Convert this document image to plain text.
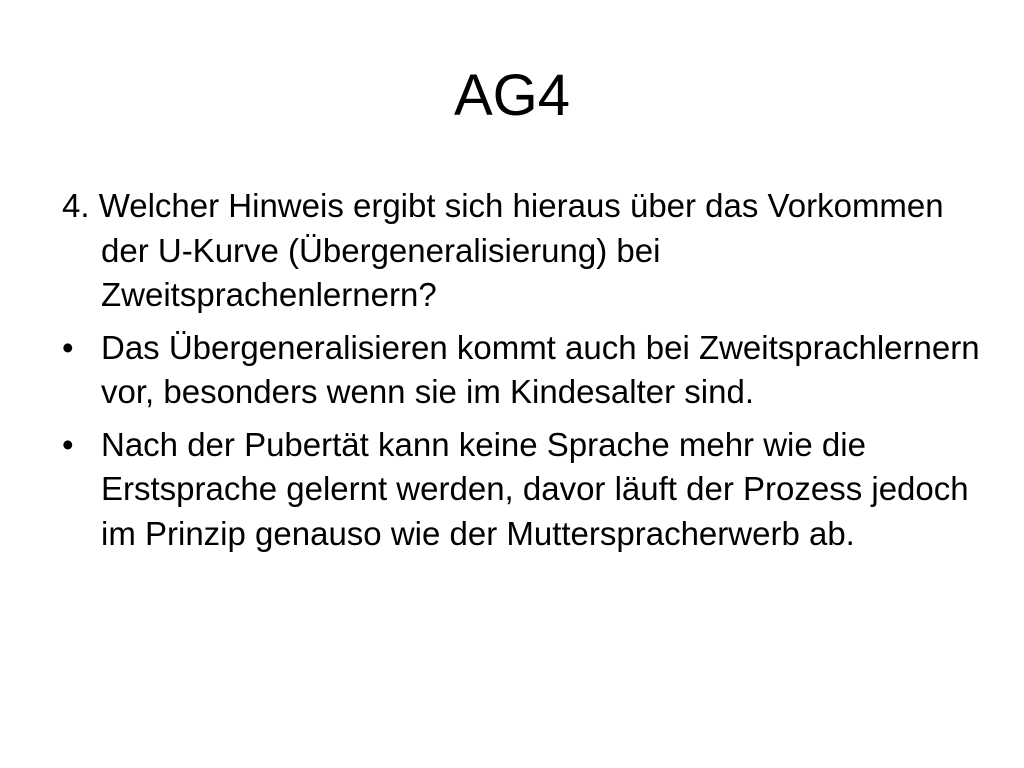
AG4

4. Welcher Hinweis ergibt sich hieraus über das Vorkommen der U-Kurve (Übergeneralisierung) bei Zweitsprachenlernern?

• Das Übergeneralisieren kommt auch bei Zweitsprachlernern vor, besonders wenn sie im Kindesalter sind.
• Nach der Pubertät kann keine Sprache mehr wie die Erstsprache gelernt werden, davor läuft der Prozess jedoch im Prinzip genauso wie der Mutterspracherwerb ab.
